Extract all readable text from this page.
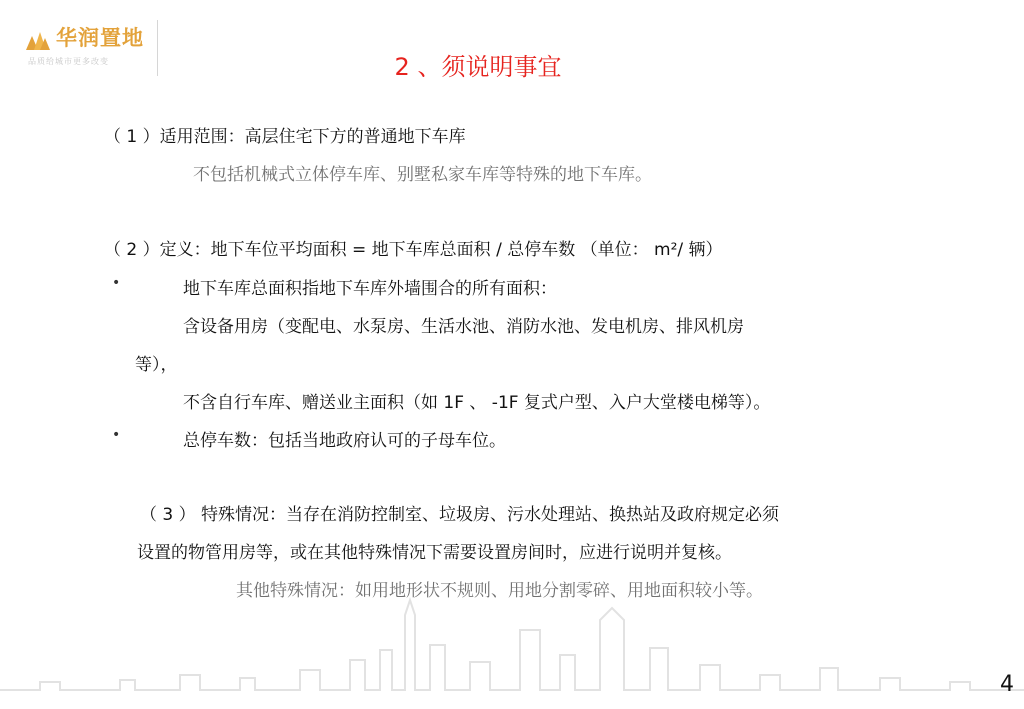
华润置地
品质给城市更多改变	2 、须说明事宜
（ 1 ）适用范围：高层住宅下方的普通地下车库
不包括机械式立体停车库、别墅私家车库等特殊的地下车库。
（ 2 ）定义：地下车位平均面积 = 地下车库总面积 / 总停车数 （单位： m²/ 辆）
•	地下车库总面积指地下车库外墙围合的所有面积：
含设备用房（变配电、水泵房、生活水池、消防水池、发电机房、排风机房
等），
不含自行车库、赠送业主面积（如 1F 、 -1F 复式户型、入户大堂楼电梯等）。
•	总停车数：包括当地政府认可的子母车位。
（ 3 ） 特殊情况：当存在消防控制室、垃圾房、污水处理站、换热站及政府规定必须
设置的物管用房等，或在其他特殊情况下需要设置房间时，应进行说明并复核。
其他特殊情况：如用地形状不规则、用地分割零碎、用地面积较小等。
4
